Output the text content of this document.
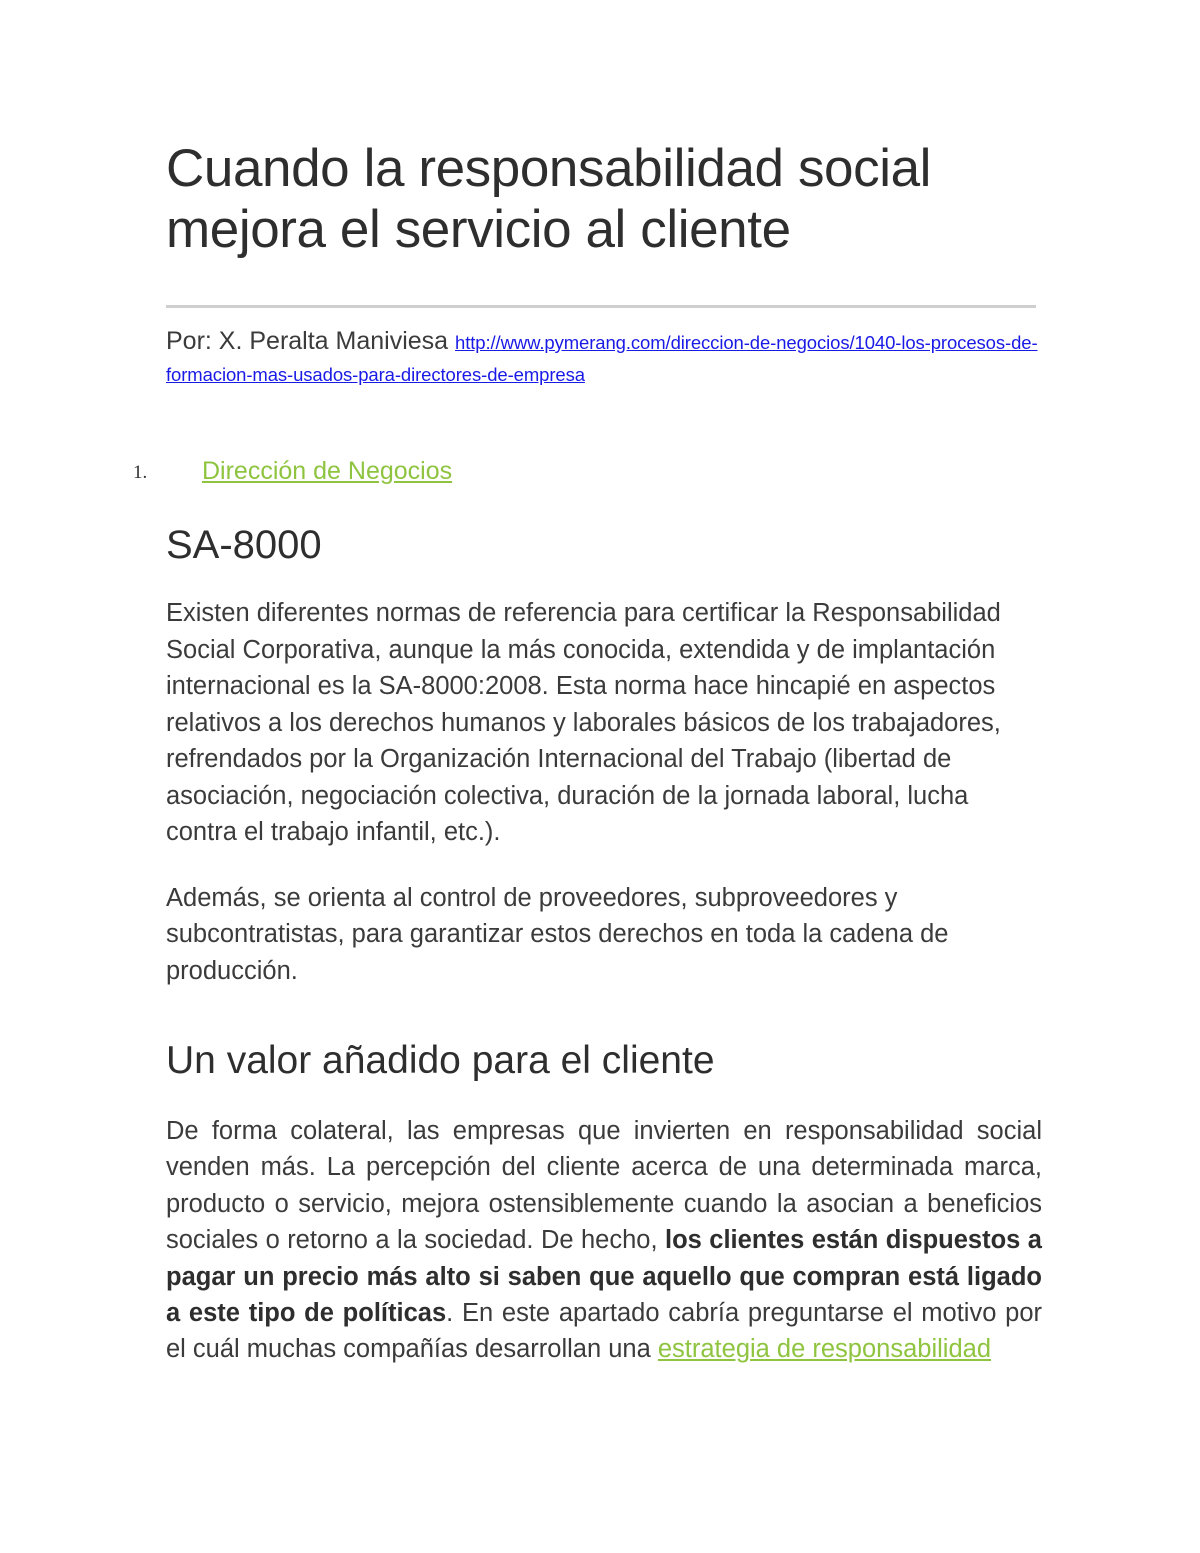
Cuando la responsabilidad social mejora el servicio al cliente

Por: X. Peralta Maniviesa http://www.pymerang.com/direccion-de-negocios/1040-los-procesos-de-formacion-mas-usados-para-directores-de-empresa

1. Dirección de Negocios
SA-8000

Existen diferentes normas de referencia para certificar la Responsabilidad Social Corporativa, aunque la más conocida, extendida y de implantación internacional es la SA-8000:2008. Esta norma hace hincapié en aspectos relativos a los derechos humanos y laborales básicos de los trabajadores, refrendados por la Organización Internacional del Trabajo (libertad de asociación, negociación colectiva, duración de la jornada laboral, lucha contra el trabajo infantil, etc.).

Además, se orienta al control de proveedores, subproveedores y subcontratistas, para garantizar estos derechos en toda la cadena de producción.

Un valor añadido para el cliente

De forma colateral, las empresas que invierten en responsabilidad social venden más. La percepción del cliente acerca de una determinada marca, producto o servicio, mejora ostensiblemente cuando la asocian a beneficios sociales o retorno a la sociedad. De hecho, los clientes están dispuestos a pagar un precio más alto si saben que aquello que compran está ligado a este tipo de políticas. En este apartado cabría preguntarse el motivo por el cuál muchas compañías desarrollan una estrategia de responsabilidad
